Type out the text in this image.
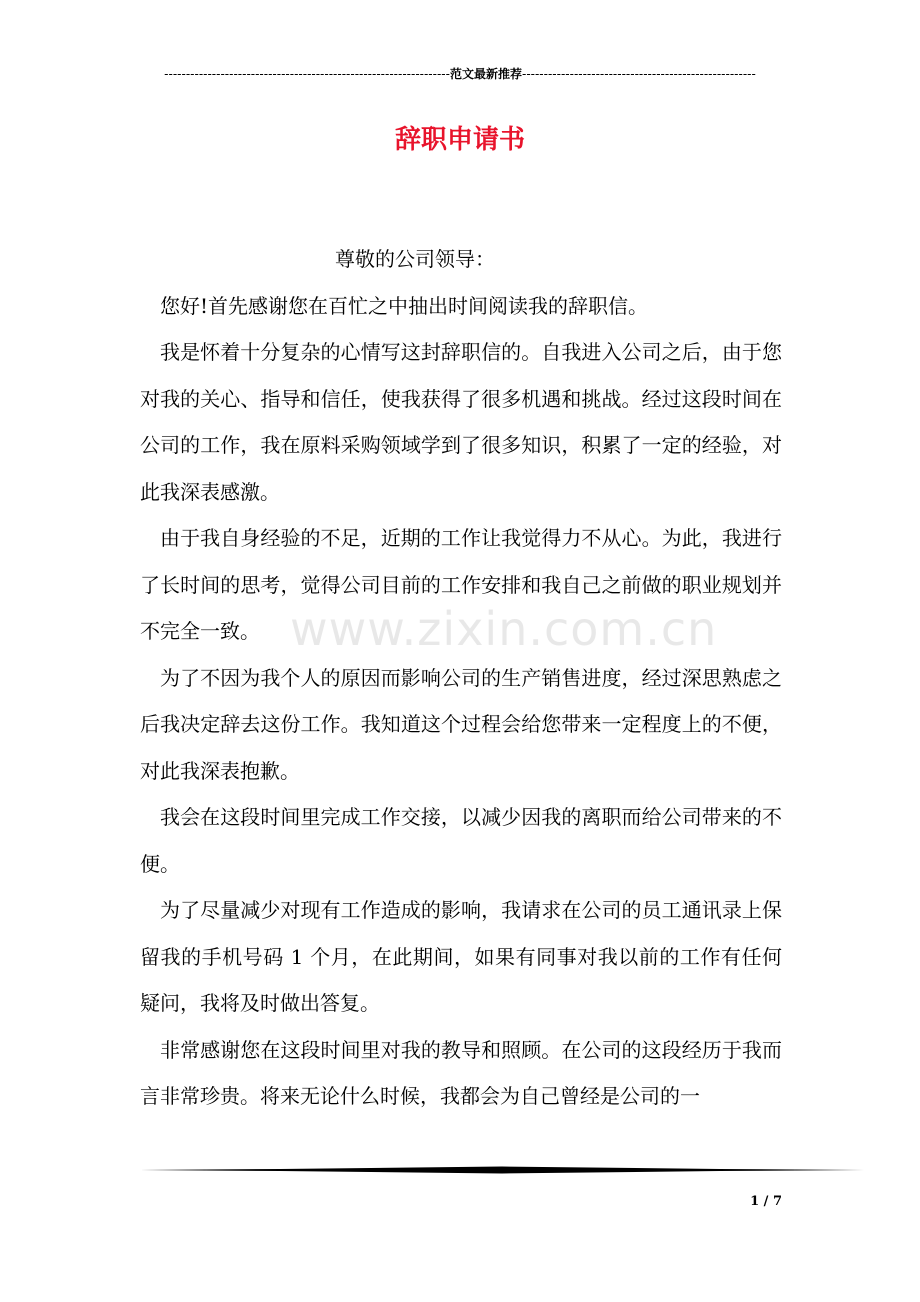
------------------------------------------------------------------范文最新推荐------------------------------------------------------
辞职申请书
www.zixin.com.cn

尊敬的公司领导：

您好!首先感谢您在百忙之中抽出时间阅读我的辞职信。

我是怀着十分复杂的心情写这封辞职信的。自我进入公司之后，由于您对我的关心、指导和信任，使我获得了很多机遇和挑战。经过这段时间在公司的工作，我在原料采购领域学到了很多知识，积累了一定的经验，对此我深表感激。

由于我自身经验的不足，近期的工作让我觉得力不从心。为此，我进行了长时间的思考，觉得公司目前的工作安排和我自己之前做的职业规划并不完全一致。

为了不因为我个人的原因而影响公司的生产销售进度，经过深思熟虑之后我决定辞去这份工作。我知道这个过程会给您带来一定程度上的不便，对此我深表抱歉。

我会在这段时间里完成工作交接，以减少因我的离职而给公司带来的不便。

为了尽量减少对现有工作造成的影响，我请求在公司的员工通讯录上保留我的手机号码 1 个月，在此期间，如果有同事对我以前的工作有任何疑问，我将及时做出答复。

非常感谢您在这段时间里对我的教导和照顾。在公司的这段经历于我而言非常珍贵。将来无论什么时候，我都会为自己曾经是公司的一

1 / 7
